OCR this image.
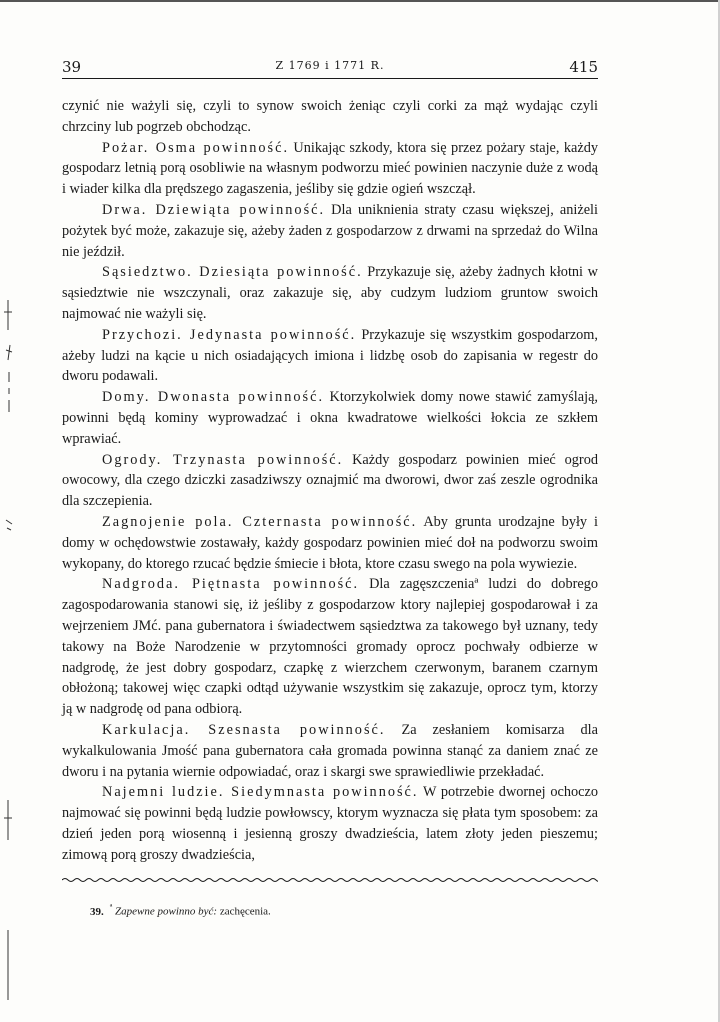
39	Z 1769 i 1771 R.	415

czynić nie ważyli się, czyli to synow swoich żeniąc czyli corki za mąż wydając czyli chrzciny lub pogrzeb obchodząc.

Pożar. Osma powinność. Unikając szkody, ktora się przez pożary staje, każdy gospodarz letnią porą osobliwie na własnym podworzu mieć powinien naczynie duże z wodą i wiader kilka dla prędszego zagaszenia, jeśliby się gdzie ogień wszczął.

Drwa. Dziewiąta powinność. Dla uniknienia straty czasu większej, aniżeli pożytek być może, zakazuje się, ażeby żaden z gospodarzow z drwami na sprzedaż do Wilna nie jeździł.

Sąsiedztwo. Dziesiąta powinność. Przykazuje się, ażeby żadnych kłotni w sąsiedztwie nie wszczynali, oraz zakazuje się, aby cudzym ludziom gruntow swoich najmować nie ważyli się.

Przychozi. Jedynasta powinność. Przykazuje się wszystkim gospodarzom, ażeby ludzi na kącie u nich osiadających imiona i lidzbę osob do zapisania w regestr do dworu podawali.

Domy. Dwonasta powinność. Ktorzykolwiek domy nowe stawić zamyślają, powinni będą kominy wyprowadzać i okna kwadratowe wielkości łokcia ze szkłem wprawiać.

Ogrody. Trzynasta powinność. Każdy gospodarz powinien mieć ogrod owocowy, dla czego dziczki zasadziwszy oznajmić ma dworowi, dwor zaś zeszle ogrodnika dla szczepienia.

Zagnojenie pola. Czternasta powinność. Aby grunta urodzajne były i domy w ochędowstwie zostawały, każdy gospodarz powinien mieć doł na podworzu swoim wykopany, do ktorego rzucać będzie śmiecie i błota, ktore czasu swego na pola wywiezie.

Nadgroda. Piętnasta powinność. Dla zagęszczeniaª ludzi do dobrego zagospodarowania stanowi się, iż jeśliby z gospodarzow ktory najlepiej gospodarował i za wejrzeniem JMć. pana gubernatora i świadectwem sąsiedztwa za takowego był uznany, tedy takowy na Boże Narodzenie w przytomności gromady oprocz pochwały odbierze w nadgrodę, że jest dobry gospodarz, czapkę z wierzchem czerwonym, baranem czarnym obłożoną; takowej więc czapki odtąd używanie wszystkim się zakazuje, oprocz tym, ktorzy ją w nadgrodę od pana odbiorą.

Karkulacja. Szesnasta powinność. Za zesłaniem komisarza dla wykalkulowania Jmość pana gubernatora cała gromada powinna stanąć za daniem znać ze dworu i na pytania wiernie odpowiadać, oraz i skargi swe sprawiedliwie przekładać.

Najemni ludzie. Siedymnasta powinność. W potrzebie dwornej ochoczo najmować się powinni będą ludzie powłowscy, ktorym wyznacza się płata tym sposobem: za dzień jeden porą wiosenną i jesienną groszy dwadzieścia, latem złoty jeden pieszemu; zimową porą groszy dwadzieścia,

39. $^ª$ Zapewne powinno być: zachęcenia.
